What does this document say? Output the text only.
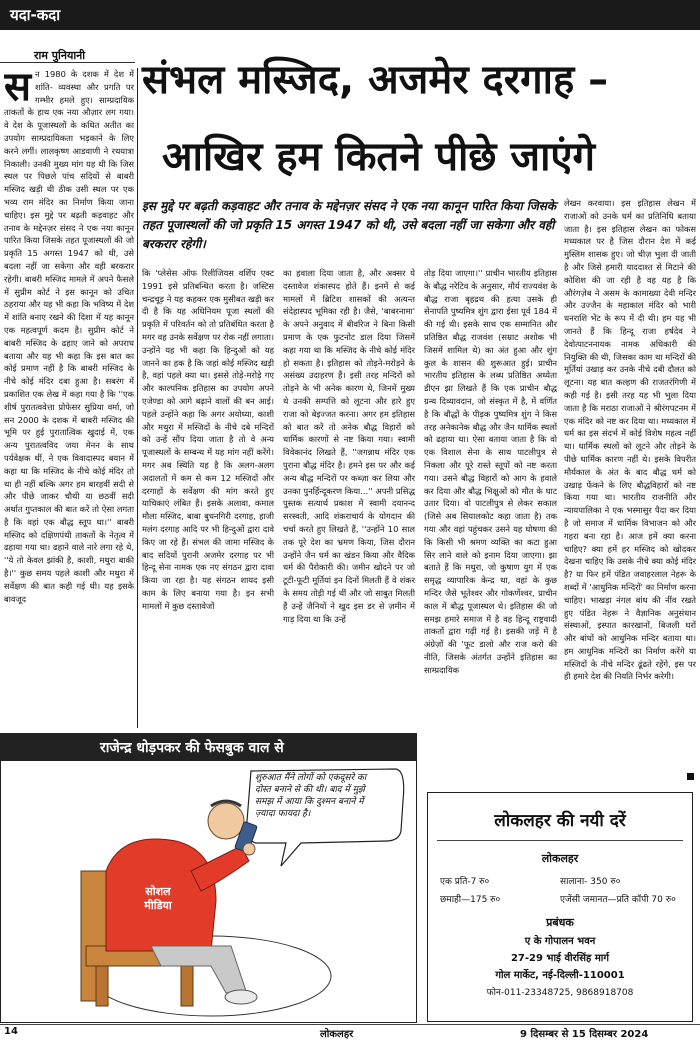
यदा-कदा
राम पुनियानी
संभल मस्जिद, अजमेर दरगाह –
आखिर हम कितने पीछे जाएंगे
इस मुद्दे पर बढ़ती कड़वाहट और तनाव के मद्देनज़र संसद ने एक नया कानून पारित किया जिसके तहत पूजास्थलों की जो प्रकृति 15 अगस्त 1947 को थी, उसे बदला नहीं जा सकेगा और वही बरकरार रहेगी।
स न 1980 के दशक में देश में शांति- व्यवस्था और प्रगति पर गम्भीर हमले हुए। साम्प्रदायिक ताकतों के हाथ एक नया औज़ार लग गया। वे देश के पूजास्थलों के कथित अतीत का उपयोग साम्प्रदायिकता भड़काने के लिए करने लगीं। लालकृष्ण आडवाणी ने रथयात्रा निकाली। उनकी मुख्य मांग यह थी कि जिस स्थल पर पिछले पांच सदियों से बाबरी मस्जिद खड़ी थी ठीक उसी स्थल पर एक भव्य राम मंदिर का निर्माण किया जाना चाहिए। इस मुद्दे पर बढ़ती कड़वाहट और तनाव के मद्देनज़र संसद ने एक नया कानून पारित किया जिसके तहत पूजास्थलों की जो प्रकृति 15 अगस्त 1947 को थी, उसे बदला नहीं जा सकेगा और वही बरकरार रहेगी। बाबरी मस्जिद मामले में अपने फैसले में सुप्रीम कोर्ट ने इस कानून को उचित ठहराया और यह भी कहा कि भविष्य में देश में शांति बनाए रखने की दिशा में यह कानून एक महत्वपूर्ण कदम है। सुप्रीम कोर्ट ने बाबरी मस्जिद के ढहाए जाने को अपराध बताया और यह भी कहा कि इस बात का कोई प्रमाण नहीं है कि बाबरी मस्जिद के नीचे कोई मंदिर दबा हुआ है। सबरंग में प्रकाशित एक लेख में कहा गया है कि ''एक शीर्ष पुरातत्ववेत्ता प्रोफेसर सुप्रिया वर्मा, जो सन 2000 के दशक में बाबरी मस्जिद की भूमि पर हुई पुरातात्विक खुदाई में, एक अन्य पुरातत्वविद जया मेनन के साथ पर्यवेक्षक थीं, ने एक विवादास्पद बयान में कहा था कि मस्जिद के नीचे कोई मंदिर तो था ही नहीं बल्कि अगर हम बारहवीं सदी से और पीछे जाकर चौथी या छठवीं सदी अर्थात गुप्तकाल की बात करें तो ऐसा लगता है कि वहां एक बौद्ध स्तूप था।'' बाबरी मस्जिद को दक्षिणपंथी ताकतों के नेतृत्व में ढहाया गया था। ढहाने वाले नारे लगा रहे थे, ''ये तो केवल झांकी है, काशी, मथुरा बाकी है।'' कुछ समय पहले काशी और मथुरा में सर्वेक्षण की बात कही गई थी। यह इसके बावजूद
कि 'प्लेसेस ऑफ रिलीजियस वर्शिप एक्ट 1991 इसे प्रतिबन्धित करता है। जस्टिस चन्द्रचूड़ ने यह कहकर एक मुसीबत खड़ी कर दी है कि यह अधिनियम पूजा स्थलों की प्रकृति में परिवर्तन को तो प्रतिबंधित करता है मगर वह उनके सर्वेक्षण पर रोक नहीं लगाता। उन्होंने यह भी कहा कि हिन्दुओं को यह जानने का हक है कि जहां कोई मस्जिद खड़ी है, वहां पहले क्या था। इससे तोड़े-मरोड़े गए और काल्पनिक इतिहास का उपयोग अपने एजेण्डा को आगे बढ़ाने वालों की बन आई। पहले उन्होंने कहा कि अगर अयोध्या, काशी और मथुरा में मस्जिदों के नीचे दबे मन्दिरों को उन्हें सौंप दिया जाता है तो वे अन्य पूजास्थलों के सम्बन्ध में यह मांग नहीं करेंगे। मगर अब स्थिति यह है कि अलग-अलग अदालतों में कम से कम 12 मस्जिदों और दरगाहों के सर्वेक्षण की मांग करते हुए याचिकाएं लंबित हैं। इसके अलावा, कमाल मौला मस्जिद, बाबा बुधनगिरी दरगाह, हाजी मलंग दरगाह आदि पर भी हिन्दुओं द्वारा दावे किए जा रहे हैं। संभल की जामा मस्जिद के बाद सदियों पुरानी अजमेर दरगाह पर भी हिन्दू सेना नामक एक नए संगठन द्वारा दावा किया जा रहा है। यह संगठन शायद इसी काम के लिए बनाया गया है। इन सभी मामलों में कुछ दस्तावेजों
का हवाला दिया जाता है, और अक्सर ये दस्तावेज शंकास्पद होते हैं। इनमें से कई मामलों में ब्रिटिश शासकों की अत्यन्त संदेहास्पद भूमिका रही है। जैसे, 'बाबरनामा' के अपने अनुवाद में बीवरिज ने बिना किसी प्रमाण के एक फुटनोट डाल दिया जिसमें कहा गया था कि मस्जिद के नीचे कोई मंदिर हो सकता है। इतिहास को तोड़ने-मरोड़ने के असंख्य उदाहरण हैं। इसी तरह मन्दिरों को तोड़ने के भी अनेक कारण थे, जिनमें मुख्य थे उनकी सम्पत्ति को लूटना और हारे हुए राजा को बेइज्जत करना। अगर हम इतिहास को बात करें तो अनेक बौद्ध विहारों को धार्मिक कारणों से नष्ट किया गया। स्वामी विवेकानंद लिखते हैं, ''जगन्नाथ मंदिर एक पुराना बौद्ध मंदिर है। हमने इस पर और कई अन्य बौद्ध मन्दिरों पर कब्ज़ा कर लिया और उनका पुनर्हिन्दूकरण किया...'' अपनी प्रसिद्ध पुस्तक सत्यार्थ प्रकाश में स्वामी दयानन्द सरस्वती, आदि शंकराचार्य के योगदान की चर्चा करते हुए लिखते हैं, ''उन्होंने 10 साल तक पूरे देश का भ्रमण किया, जिस दौरान उन्होंने जैन धर्म का खंडन किया और वैदिक धर्म की पैरोकारी की। जमीन खोदने पर जो टूटी-फूटी मूर्तियां इन दिनों मिलती हैं वे शंकर के समय तोड़ी गई थीं और जो साबुत मिलती हैं उन्हें जैनियों ने खुद इस डर से ज़मीन में गाड़ दिया था कि उन्हें
तोड़ दिया जाएगा।'' प्राचीन भारतीय इतिहास के बौद्ध नरेटिव के अनुसार, मौर्य राज्यवंश के बौद्ध राजा बृहद्रथ की हत्या उसके ही सेनापति पुष्यमित्र शुंग द्वारा ईसा पूर्व 184 में की गई थी। इसके साथ एक सम्मानित और प्रतिष्ठित बौद्ध राजवंश (सम्राट अशोक भी जिसमें शामिल थे) का अंत हुआ और शुंग कुल के शासन की शुरूआत हुई। प्राचीन भारतीय इतिहास के लब्ध प्रतिष्ठित अध्येता डीएन झा लिखते हैं कि एक प्राचीन बौद्ध ग्रन्थ दिव्यावदान, जो संस्कृत में है, में वर्णित है कि बौद्धों के पीड़क पुष्यमित्र शुंग ने किस तरह अनेकानेक बौद्ध और जैन धार्मिक स्थलों को ढहाया था। ऐसा बताया जाता है कि वो एक विशाल सेना के साथ पाटलीपुत्र से निकला और पूरे रास्ते स्तूपों को नष्ट करता गया। उसने बौद्ध विहारों को आग के हवाले कर दिया और बौद्ध भिक्षुओं को मौत के घाट उतार दिया। वो पाटलीपुत्र से लेकर सकाल (जिसे अब सियालकोट कहा जाता है) तक गया और वहां पहुंचकर उसने यह घोषणा की कि किसी भी श्रमण व्यक्ति का कटा हुआ सिर लाने वाले को इनाम दिया जाएगा। झा बताते हैं कि मथुरा, जो कुषाण युग में एक समृद्ध व्यापारिक केन्द्र था, वहां के कुछ मन्दिर जैसे भूतेश्वर और गोकर्णेश्वर, प्राचीन काल में बौद्ध पूजास्थल थे। इतिहास की जो समझ हमारे समाज में है वह हिन्दू राष्ट्रवादी ताकतों द्वारा गढ़ी गई है। इसकी जड़ें में है अंग्रेज़ों की 'फूट डालो और राज करो की नीति, जिसके अंतर्गत उन्होंने इतिहास का साम्प्रदायिक
लेखन करवाया। इस इतिहास लेखन में राजाओं को उनके धर्म का प्रतिनिधि बताया जाता है। इस इतिहास लेखन का फोकस मध्यकाल पर है जिस दौरान देश में कई मुस्लिम शासक हुए। जो चीज़ भुला दी जाती है और जिसे हमारी याददाश्त से मिटाने की कोशिश की जा रही है वह यह है कि औरंगज़ेब ने असम के कामाख्या देवी मन्दिर और उज्जैन के महाकाल मंदिर को भारी धनराशि भेंट के रूप में दी थी। हम यह भी जानते हैं कि हिन्दू राजा हर्षदेव ने देवोत्पाटननायक नामक अधिकारी की नियुक्ति की थी, जिसका काम था मन्दिरों की मूर्तियां उखाड़ कर उनके नीचे दबी दौलत को लूटना। यह बात कल्हण की राजतरंगिणी में कही गई है। इसी तरह यह भी भुला दिया जाता है कि मराठा राजाओं ने श्रीरंगपटनम में एक मंदिर को नष्ट कर दिया था। मध्यकाल में धर्म का इस संदर्भ में कोई विशेष महत्व नहीं था। धार्मिक स्थलों को लूटने और तोड़ने के पीछे धार्मिक कारण नहीं थे। इसके विपरीत मौर्यकाल के अंत के बाद बौद्ध धर्म को उखाड़ फेंकने के लिए बौद्धविहारों को नष्ट किया गया था। भारतीय राजनीति और न्यायपालिका ने एक भस्मासुर पैदा कर दिया है जो समाज में धार्मिक विभाजन को और गहरा बना रहा है। आज हमें क्या करना चाहिए? क्या हमें हर मस्जिद को खोदकर देखना चाहिए कि उसके नीचे क्या कोई मंदिर है? या फिर हमें पंडित जवाहरलाल नेहरू के शब्दों में 'आधुनिक मन्दिरों' का निर्माण करना चाहिए। भाखड़ा नंगल बांध की नींव रखते हुए पंडित नेहरू ने वैज्ञानिक अनुसंधान संस्थाओं, इस्पात कारखानों, बिजली घरों और बांधों को आधुनिक मन्दिर बताया था। हम आधुनिक मन्दिरों का निर्माण करेंगे या मस्जिदों के नीचे मन्दिर ढूंढते रहेंगे, इस पर ही हमारे देश की नियति निर्भर करेगी।
राजेन्द्र धोड़पकर की फेसबुक वाल से
शुरुआत मैंने लोगों को एकदूसरे का
दोस्त बनाने से की थी। बाद में मुझे
समझ में आया कि दुश्मन बनाने में
ज़्यादा फायदा है।
सोशल
मीडिया
लोकलहर की नयी दरें
लोकलहर
एक प्रति-7 रु०	सालाना- 350 रु०
छमाही—175 रु०	एजेंसी जमानत—प्रति कॉपी 70 रु०
प्रबंधक
ए के गोपालन भवन
27-29 भाई वीरसिंह मार्ग
गोल मार्केट, नई-दिल्ली-110001
फोन-011-23348725, 9868918708
14	लोकलहर	9 दिसम्बर से 15 दिसम्बर 2024
